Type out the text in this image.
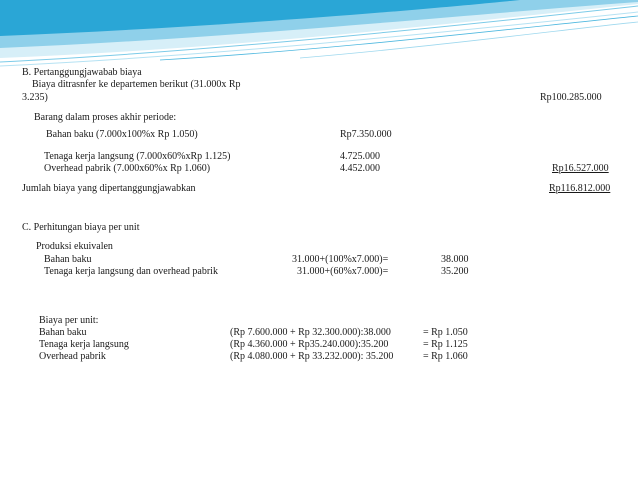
B. Pertanggungjawabab biaya
Biaya ditrasnfer ke departemen berikut (31.000x Rp
3.235)	Rp100.285.000
Barang dalam proses akhir periode:
Bahan baku (7.000x100%x Rp 1.050)	Rp7.350.000
Tenaga kerja langsung (7.000x60%xRp 1.125)	4.725.000
Overhead pabrik (7.000x60%x Rp 1.060)	4.452.000	Rp16.527.000
Jumlah biaya yang dipertanggungjawabkan	Rp116.812.000
C. Perhitungan biaya per unit
Produksi ekuivalen
Bahan baku	31.000+(100%x7.000)=	38.000
Tenaga kerja langsung dan overhead pabrik	31.000+(60%x7.000)=	35.200
Biaya per unit:
Bahan baku	(Rp 7.600.000 + Rp 32.300.000):38.000	= Rp 1.050
Tenaga kerja langsung	(Rp 4.360.000 + Rp35.240.000):35.200	= Rp 1.125
Overhead pabrik	(Rp 4.080.000 + Rp 33.232.000): 35.200	= Rp 1.060
